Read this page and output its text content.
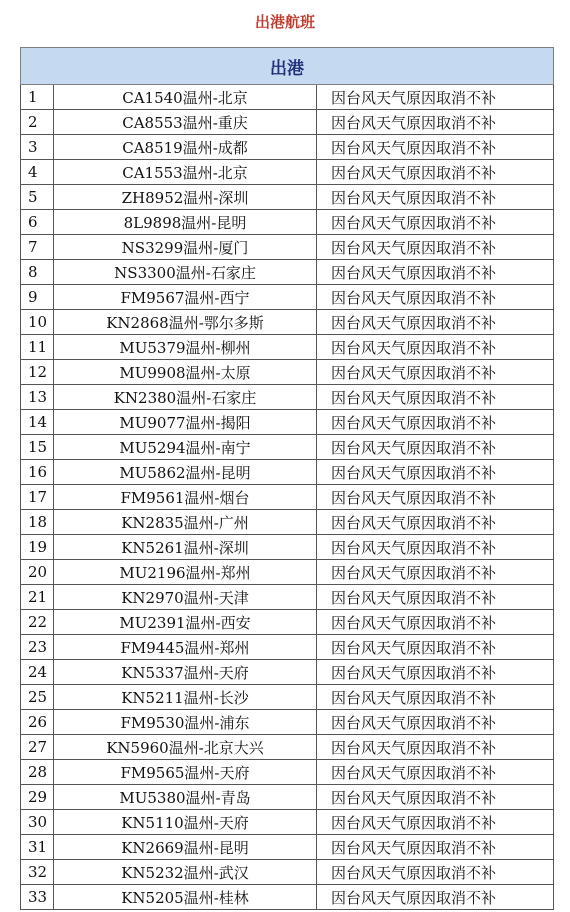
出港航班
出港		
1	CA1540温州-北京	因台风天气原因取消不补
2	CA8553温州-重庆	因台风天气原因取消不补
3	CA8519温州-成都	因台风天气原因取消不补
4	CA1553温州-北京	因台风天气原因取消不补
5	ZH8952温州-深圳	因台风天气原因取消不补
6	8L9898温州-昆明	因台风天气原因取消不补
7	NS3299温州-厦门	因台风天气原因取消不补
8	NS3300温州-石家庄	因台风天气原因取消不补
9	FM9567温州-西宁	因台风天气原因取消不补
10	KN2868温州-鄂尔多斯	因台风天气原因取消不补
11	MU5379温州-柳州	因台风天气原因取消不补
12	MU9908温州-太原	因台风天气原因取消不补
13	KN2380温州-石家庄	因台风天气原因取消不补
14	MU9077温州-揭阳	因台风天气原因取消不补
15	MU5294温州-南宁	因台风天气原因取消不补
16	MU5862温州-昆明	因台风天气原因取消不补
17	FM9561温州-烟台	因台风天气原因取消不补
18	KN2835温州-广州	因台风天气原因取消不补
19	KN5261温州-深圳	因台风天气原因取消不补
20	MU2196温州-郑州	因台风天气原因取消不补
21	KN2970温州-天津	因台风天气原因取消不补
22	MU2391温州-西安	因台风天气原因取消不补
23	FM9445温州-郑州	因台风天气原因取消不补
24	KN5337温州-天府	因台风天气原因取消不补
25	KN5211温州-长沙	因台风天气原因取消不补
26	FM9530温州-浦东	因台风天气原因取消不补
27	KN5960温州-北京大兴	因台风天气原因取消不补
28	FM9565温州-天府	因台风天气原因取消不补
29	MU5380温州-青岛	因台风天气原因取消不补
30	KN5110温州-天府	因台风天气原因取消不补
31	KN2669温州-昆明	因台风天气原因取消不补
32	KN5232温州-武汉	因台风天气原因取消不补
33	KN5205温州-桂林	因台风天气原因取消不补
